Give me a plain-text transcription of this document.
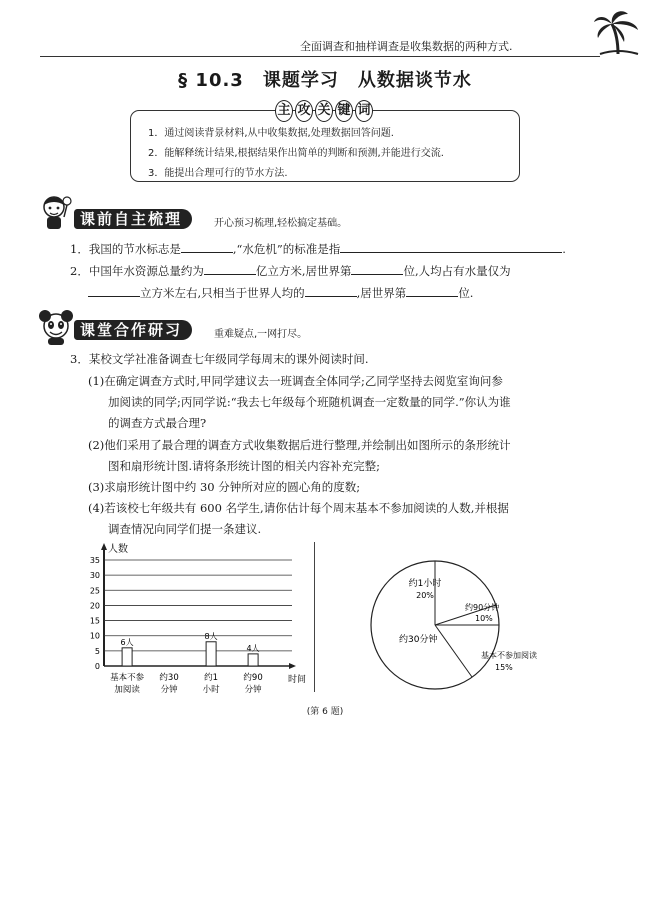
全面调查和抽样调查是收集数据的两种方式.
§ 10.3　课题学习　从数据谈节水
主 攻 关 键 词
1．通过阅读背景材料,从中收集数据,处理数据回答问题.
2．能解释统计结果,根据结果作出简单的判断和预测,并能进行交流.
3．能提出合理可行的节水方法.
课前自主梳理	开心预习梳理,轻松搞定基础。
1．我国的节水标志是	,“水危机”的标准是指	.
2．中国年水资源总量约为	亿立方米,居世界第	位,人均占有水量仅为
立方米左右,只相当于世界人均的	,居世界第	位.
课堂合作研习	重难疑点,一网打尽。
3．某校文学社准备调查七年级同学每周末的课外阅读时间.
(1)在确定调查方式时,甲同学建议去一班调查全体同学;乙同学坚持去阅览室询问参
加阅读的同学;丙同学说:“我去七年级每个班随机调查一定数量的同学.”你认为谁
的调查方式最合理?
(2)他们采用了最合理的调查方式收集数据后进行整理,并绘制出如图所示的条形统计
图和扇形统计图.请将条形统计图的相关内容补充完整;
(3)求扇形统计图中约 30 分钟所对应的圆心角的度数;
(4)若该校七年级共有 600 名学生,请你估计每个周末基本不参加阅读的人数,并根据
调查情况向同学们提一条建议.
人数
时间
0
5
10
15
20
25
30
35
6人
8人
4人
基本不参加阅读
约30 分钟
约1 小时
约90 分钟
约1小时
20%
约90分钟
10%
约30分钟
基本不参加阅读
15%
(第 6 题)
